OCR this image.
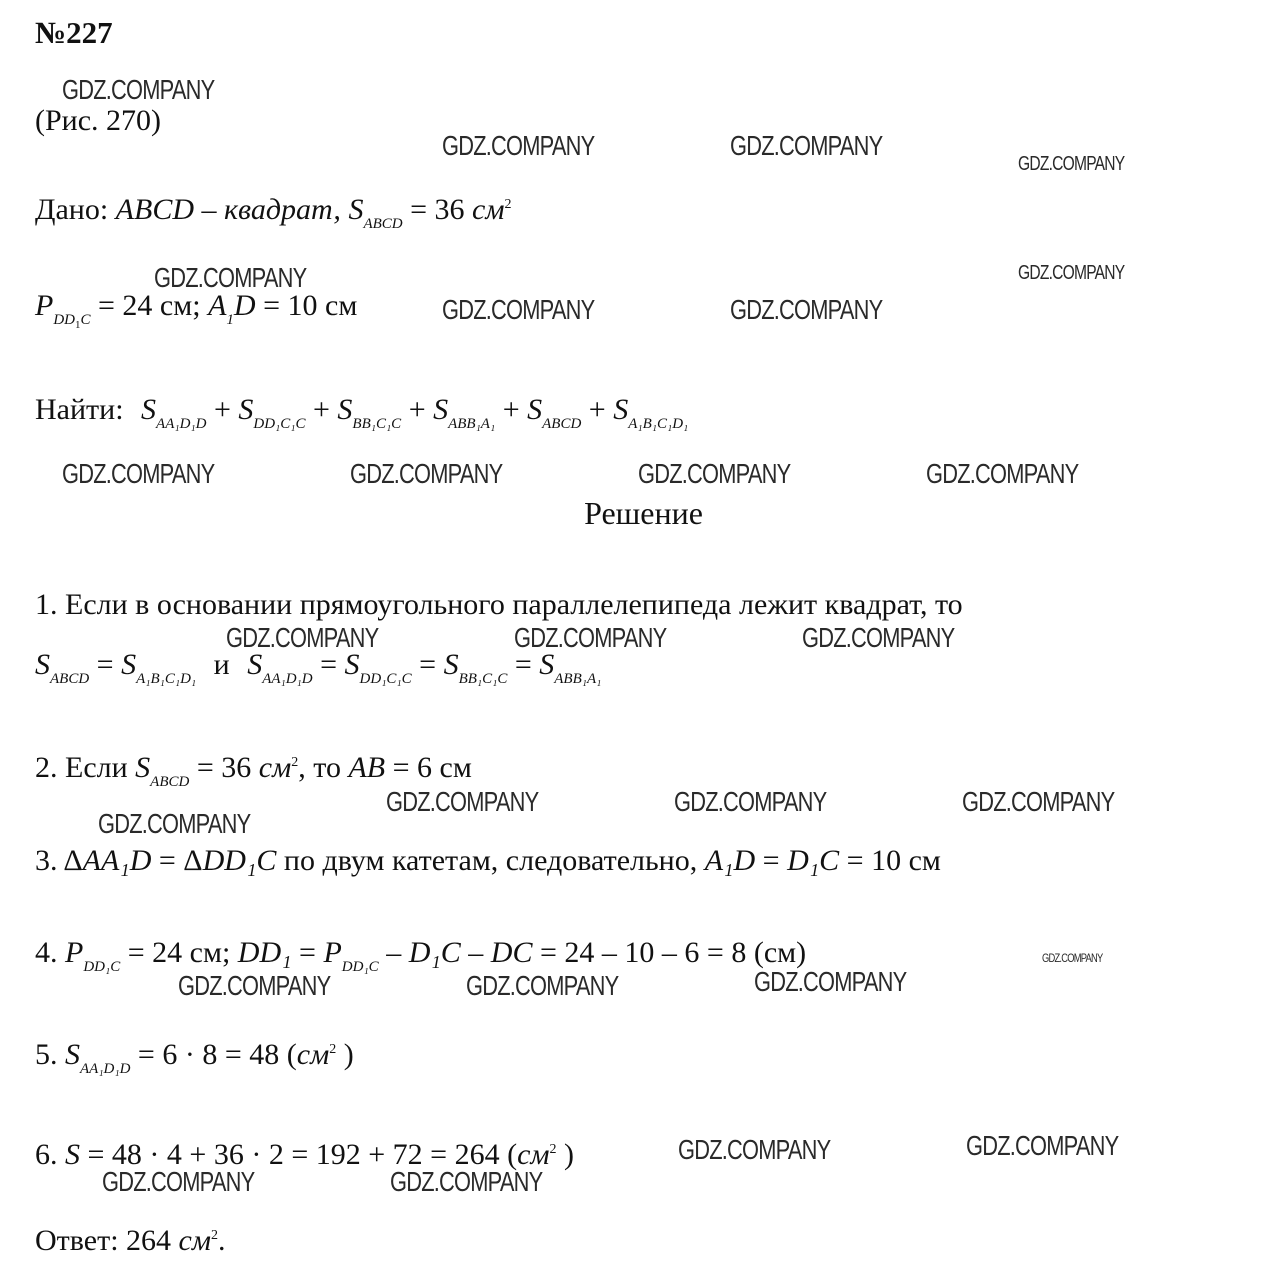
№227
(Рис. 270)
Дано: ABCD – квадрат, $S_{ABCD} = 36$ $см^2$
$P_{DD_1C} = 24$ см; $A_1D = 10$ см
Найти: $S_{AA_1D_1D} + S_{DD_1C_1C} + S_{BB_1C_1C} + S_{ABB_1A_1} + S_{ABCD} + S_{A_1B_1C_1D_1}$
Решение
1. Если в основании прямоугольного параллелепипеда лежит квадрат, то
$S_{ABCD} = S_{A_1B_1C_1D_1}$ и $S_{AA_1D_1D} = S_{DD_1C_1C} = S_{BB_1C_1C} = S_{ABB_1A_1}$
2. Если $S_{ABCD} = 36$ $см^2$, то AB = 6 см
3. ΔAA₁D = ΔDD₁C по двум катетам, следовательно, A₁D = D₁C = 10 см
4. $P_{DD_1C} = 24$ см; $DD_1 = P_{DD_1C} - D_1C$ – DC = 24 – 10 – 6 = 8 (см)
5. $S_{AA_1D_1D} = 6 \cdot 8 = 48$ ($см^2$ )
6. S = 48 · 4 + 36 · 2 = 192 + 72 = 264 ($см^2$ )
Ответ: 264 $см^2$.
GDZ.COMPANY
GDZ.COMPANY	GDZ.COMPANY
GDZ.COMPANY
GDZ.COMPANY	GDZ.COMPANY
GDZ.COMPANY	GDZ.COMPANY
GDZ.COMPANY	GDZ.COMPANY	GDZ.COMPANY	GDZ.COMPANY
GDZ.COMPANY	GDZ.COMPANY	GDZ.COMPANY
GDZ.COMPANY	GDZ.COMPANY	GDZ.COMPANY
GDZ.COMPANY
GDZ.COMPANY
GDZ.COMPANY	GDZ.COMPANY	GDZ.COMPANY
GDZ.COMPANY	GDZ.COMPANY
GDZ.COMPANY	GDZ.COMPANY
